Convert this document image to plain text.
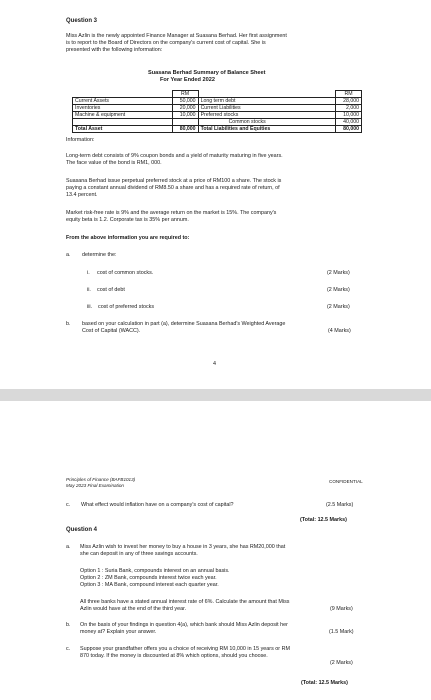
Question 3
Miss Azlin is the newly appointed Finance Manager at Suasana Berhad. Her first assignment
is to report to the Board of Directors on the company's current cost of capital. She is
presented with the following information:
Suasana Berhad Summary of Balance Sheet
For Year Ended 2022
	RM		RM
Current Assets	50,000	Long term debt	28,000
Inventories	20,000	Current Liabilities	2,000
Machine & equipment	10,000	Preferred stocks	10,000
		Common stocks	40,000
Total Asset	80,000	Total Liabilities and Equities	80,000
Information:
Long-term debt consists of 9% coupon bonds and a yield of maturity maturing in five years.
The face value of the bond is RM1, 000.
Suasana Berhad issue perpetual preferred stock at a price of RM100 a share. The stock is
paying a constant annual dividend of RM8.50 a share and has a required rate of return, of
13.4 percent.
Market risk-free rate is 9% and the average return on the market is 15%. The company's
equity beta is 1.2. Corporate tax is 35% per annum.
From the above information you are required to:
a. determine the:
i. cost of common stocks.	(2 Marks)
ii. cost of debt	(2 Marks)
iii. cost of preferred stocks	(2 Marks)
b. based on your calculation in part (a), determine Suasana Berhad's Weighted Average
Cost of Capital (WACC).	(4 Marks)
4
Principles of Finance (BAFB1013)
May 2023 Final Examination
CONFIDENTIAL
c. What effect would inflation have on a company's cost of capital?	(2.5 Marks)
(Total: 12.5 Marks)
Question 4
a. Miss Azlin wish to invest her money to buy a house in 3 years, she has RM20,000 that
she can deposit in any of three savings accounts.
Option 1 : Suria Bank, compounds interest on an annual basis.
Option 2 : ZM Bank, compounds interest twice each year.
Option 3 : MA Bank, compound interest each quarter year.
All three banks have a stated annual interest rate of 6%. Calculate the amount that Miss
Azlin would have at the end of the third year.	(9 Marks)
b. On the basis of your findings in question 4(a), which bank should Miss Azlin deposit her
money at? Explain your answer.	(1.5 Mark)
c. Suppose your grandfather offers you a choice of receiving RM 10,000 in 15 years or RM
870 today. If the money is discounted at 8% which options, should you choose.
(2 Marks)
(Total: 12.5 Marks)
